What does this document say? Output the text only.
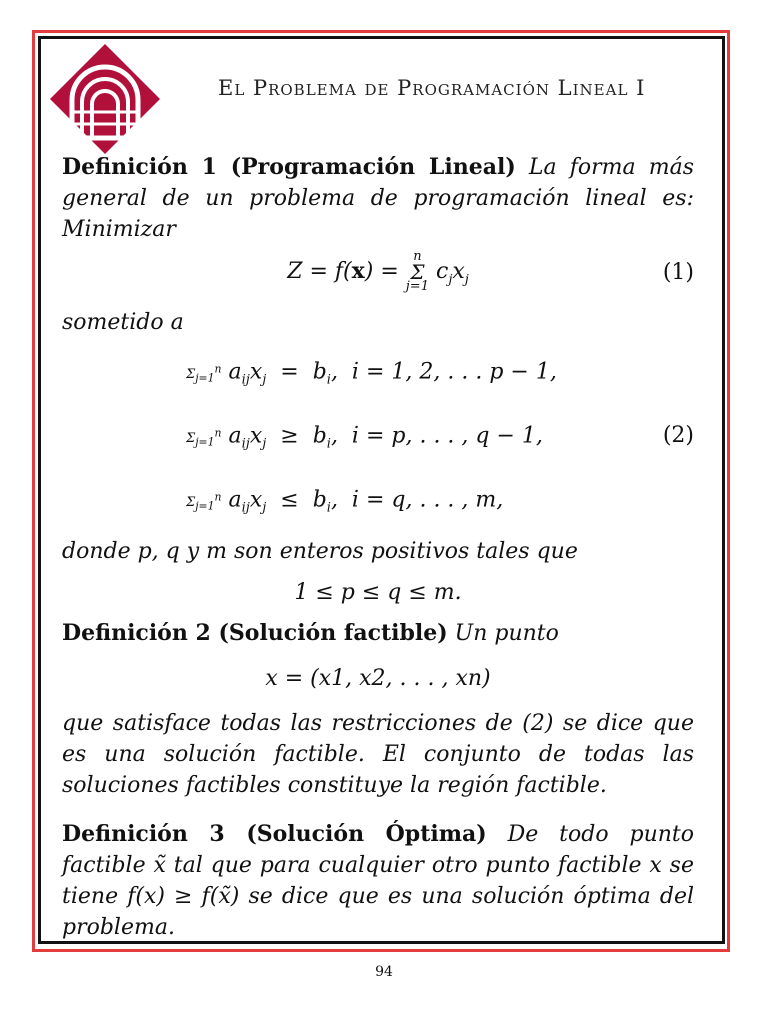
El Problema de Programación Lineal I

Definición 1 (Programación Lineal) La forma más general de un problema de programación lineal es: Minimizar

Z = f(x) = n
Σ
j=1 $c_jx_j$	(1)

sometido a

$\Sigma_{j=1}^n$ $a_{ij}x_j = b_i$,  i = 1, 2, . . . p − 1,
$\Sigma_{j=1}^n$ $a_{ij}x_j \ge b_i$,  i = p, . . . , q − 1,
$\Sigma_{j=1}^n$ $a_{ij}x_j \le b_i$,  i = q, . . . , m,
(2)

donde p, q y m son enteros positivos tales que

1 ≤ p ≤ q ≤ m.

Definición 2 (Solución factible) Un punto

x = (x1, x2, . . . , xn)

que satisface todas las restricciones de (2) se dice que es una solución factible. El conjunto de todas las soluciones factibles constituye la región factible.

Definición 3 (Solución Óptima) De todo punto factible x̃ tal que para cualquier otro punto factible x se tiene f(x) ≥ f(x̃) se dice que es una solución óptima del problema.

94
